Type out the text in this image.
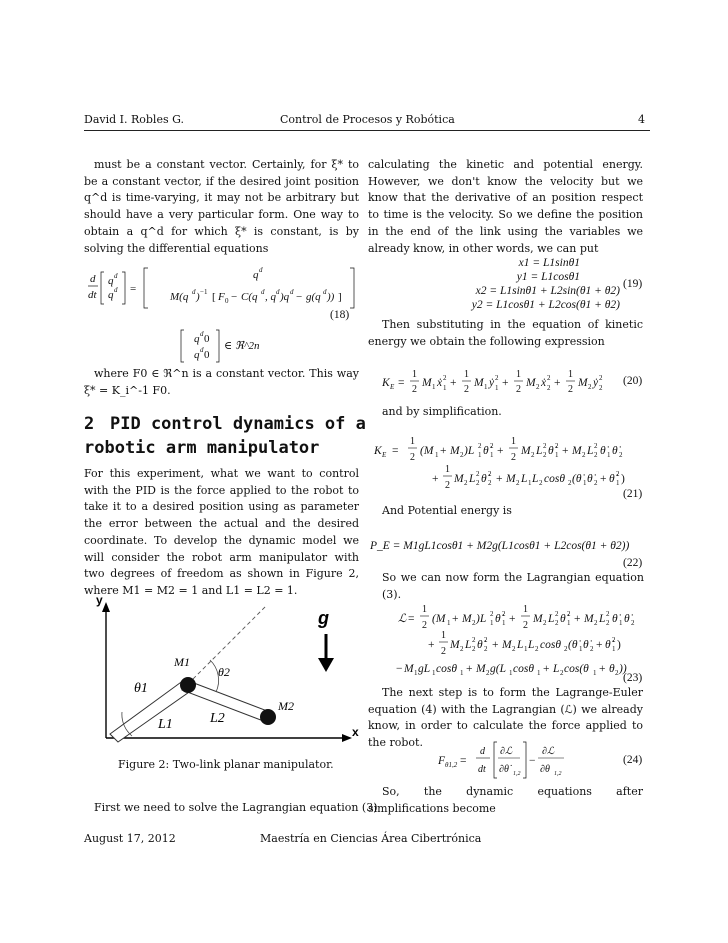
David I. Robles G.	Control de Procesos y Robótica	4
must be a constant vector. Certainly, for ξ* to be a constant vector, if the desired joint position q^d is time-varying, it may not be arbitrary but should have a very particular form. One way to obtain a q^d for which ξ* is constant, is by solving the differential equations
d
dt
q d
q d =
q d
M(q d ) −1 [ F 0 − C(q d , q d )q d − g(q d )) ]
(18)
q d 0
q d 0
∈ ℜ^2n
where F0 ∈ ℜ^n is a constant vector. This way ξ* = K_i^-1 F0.
2 PID control dynamics of a robotic arm manipulator
For this experiment, what we want to control with the PID is the force applied to the robot to take it to a desired position using as parameter the error between the actual and the desired coordinate. To develop the dynamic model we will consider the robot arm manipulator with two degrees of freedom as shown in Figure 2, where M1 = M2 = 1 and L1 = L2 = 1.
y
x
θ1
θ2
M1
M2
L1	L2
g
Figure 2: Two-link planar manipulator.
First we need to solve the Lagrangian equation (3)
calculating the kinetic and potential energy. However, we don't know the velocity but we know that the derivative of an position respect to time is the velocity. So we define the position in the end of the link using the variables we already know, in other words, we can put
x1 = L1sinθ1
y1 = L1cosθ1
x2 = L1sinθ1 + L2sin(θ1 + θ2)
y2 = L1cosθ1 + L2cos(θ1 + θ2)
(19)
Then substituting in the equation of kinetic energy we obtain the following expression
K E =
1
2
M 1 ẋ 2
1 +
1
2
M 1 ẏ 2
1 +
1
2
M 2 ẋ 2
2 +
1
2
M 2 ẏ 2
2
(20)
and by simplification.
K E =
1
2
(M 1 + M 2 )L 2
1 θ̇ 2
1 +
1
2
M 2 L 2
2 θ̇ 2
1 + M 2 L 2
2 θ̇ 1 θ̇ 2
+
1
2
M 2 L 2
2 θ̇ 2
2 + M 2 L 1 L 2 cosθ 2 (θ̇ 1 θ̇ 2 + θ̇ 2
1 )
(21)
And Potential energy is
P_E = M1gL1cosθ1 + M2g(L1cosθ1 + L2cos(θ1 + θ2))
(22)
So we can now form the Lagrangian equation (3).
ℒ =
1
2
(M 1 + M 2 )L 2
1 θ̇ 2
1 +
1
2
M 2 L 2
2 θ̇ 2
1 + M 2 L 2
2 θ̇ 1 θ̇ 2
+
1
2
M 2 L 2
2 θ̇ 2
2 + M 2 L 1 L 2 cosθ 2 (θ̇ 1 θ̇ 2 + θ̇ 2
1 )
− M 1 gL 1 cosθ 1 + M 2 g(L 1 cosθ 1 + L 2 cos(θ 1 + θ 2 ))
(23)
The next step is to form the Lagrange-Euler equation (4) with the Lagrangian (ℒ) we already know, in order to calculate the force applied to the robot.
F θ1,2 =
d
dt
∂ℒ
∂θ̇ 1,2
−
∂ℒ
∂θ 1,2
(24)
So, the dynamic equations after simplifications become
August 17, 2012	Maestría en Ciencias Área Cibertrónica
